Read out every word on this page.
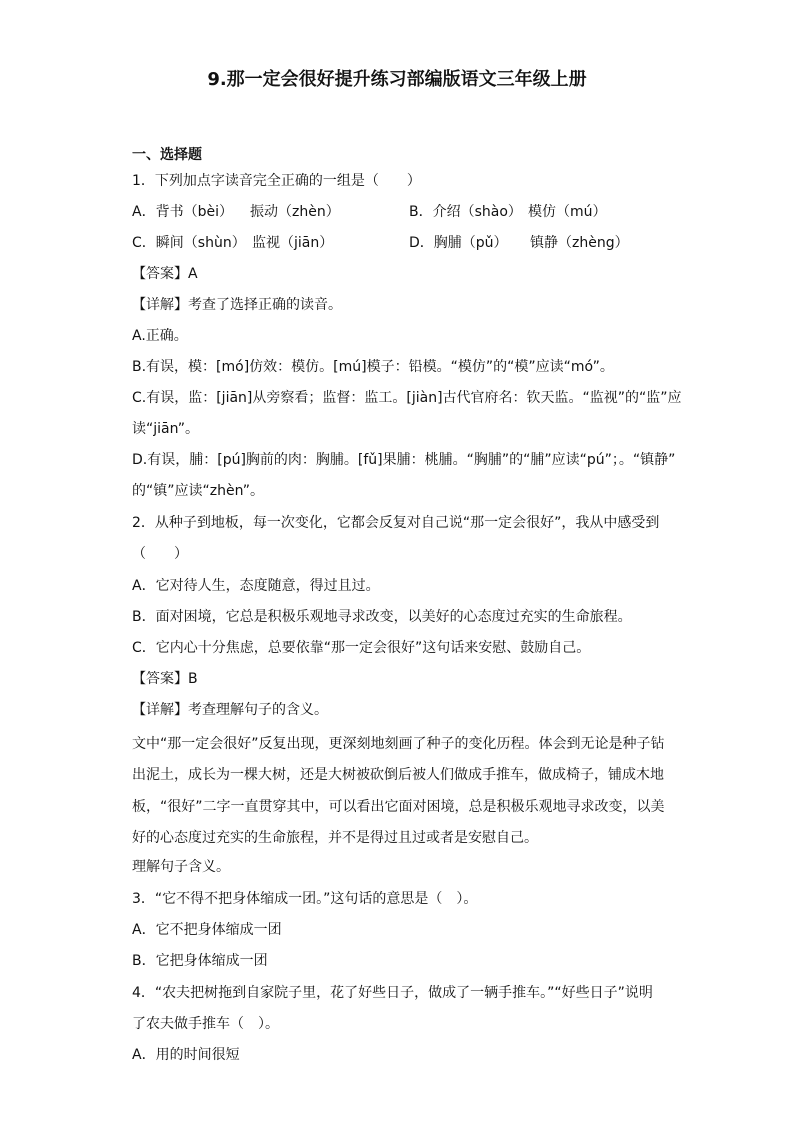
9.那一定会很好提升练习部编版语文三年级上册
一、选择题
1．下列加点字读音完全正确的一组是（　　）
A．背书（bèi） 振动（zhèn）	B．介绍（shào） 模仿（mú）
C．瞬间（shùn） 监视（jiān）	D．胸脯（pǔ） 镇静（zhèng）
【答案】A
【详解】考查了选择正确的读音。
A.正确。
B.有误，模：[mó]仿效：模仿。[mú]模子：铅模。“模仿”的“模”应读“mó”。
C.有误，监：[jiān]从旁察看；监督：监工。[jiàn]古代官府名：钦天监。“监视”的“监”应
读“jiān”。
D.有误，脯：[pú]胸前的肉：胸脯。[fǔ]果脯：桃脯。“胸脯”的“脯”应读“pú”；。“镇静”
的“镇”应读“zhèn”。
2．从种子到地板，每一次变化，它都会反复对自己说“那一定会很好”，我从中感受到
（　　）
A．它对待人生，态度随意，得过且过。
B．面对困境，它总是积极乐观地寻求改变，以美好的心态度过充实的生命旅程。
C．它内心十分焦虑，总要依靠“那一定会很好”这句话来安慰、鼓励自己。
【答案】B
【详解】考查理解句子的含义。
文中“那一定会很好”反复出现，更深刻地刻画了种子的变化历程。体会到无论是种子钻
出泥土，成长为一棵大树，还是大树被砍倒后被人们做成手推车，做成椅子，铺成木地
板，“很好”二字一直贯穿其中，可以看出它面对困境，总是积极乐观地寻求改变，以美
好的心态度过充实的生命旅程，并不是得过且过或者是安慰自己。
理解句子含义。
3．“它不得不把身体缩成一团。”这句话的意思是（　）。
A．它不把身体缩成一团
B．它把身体缩成一团
4．“农夫把树拖到自家院子里，花了好些日子，做成了一辆手推车。”“好些日子”说明
了农夫做手推车（　）。
A．用的时间很短
